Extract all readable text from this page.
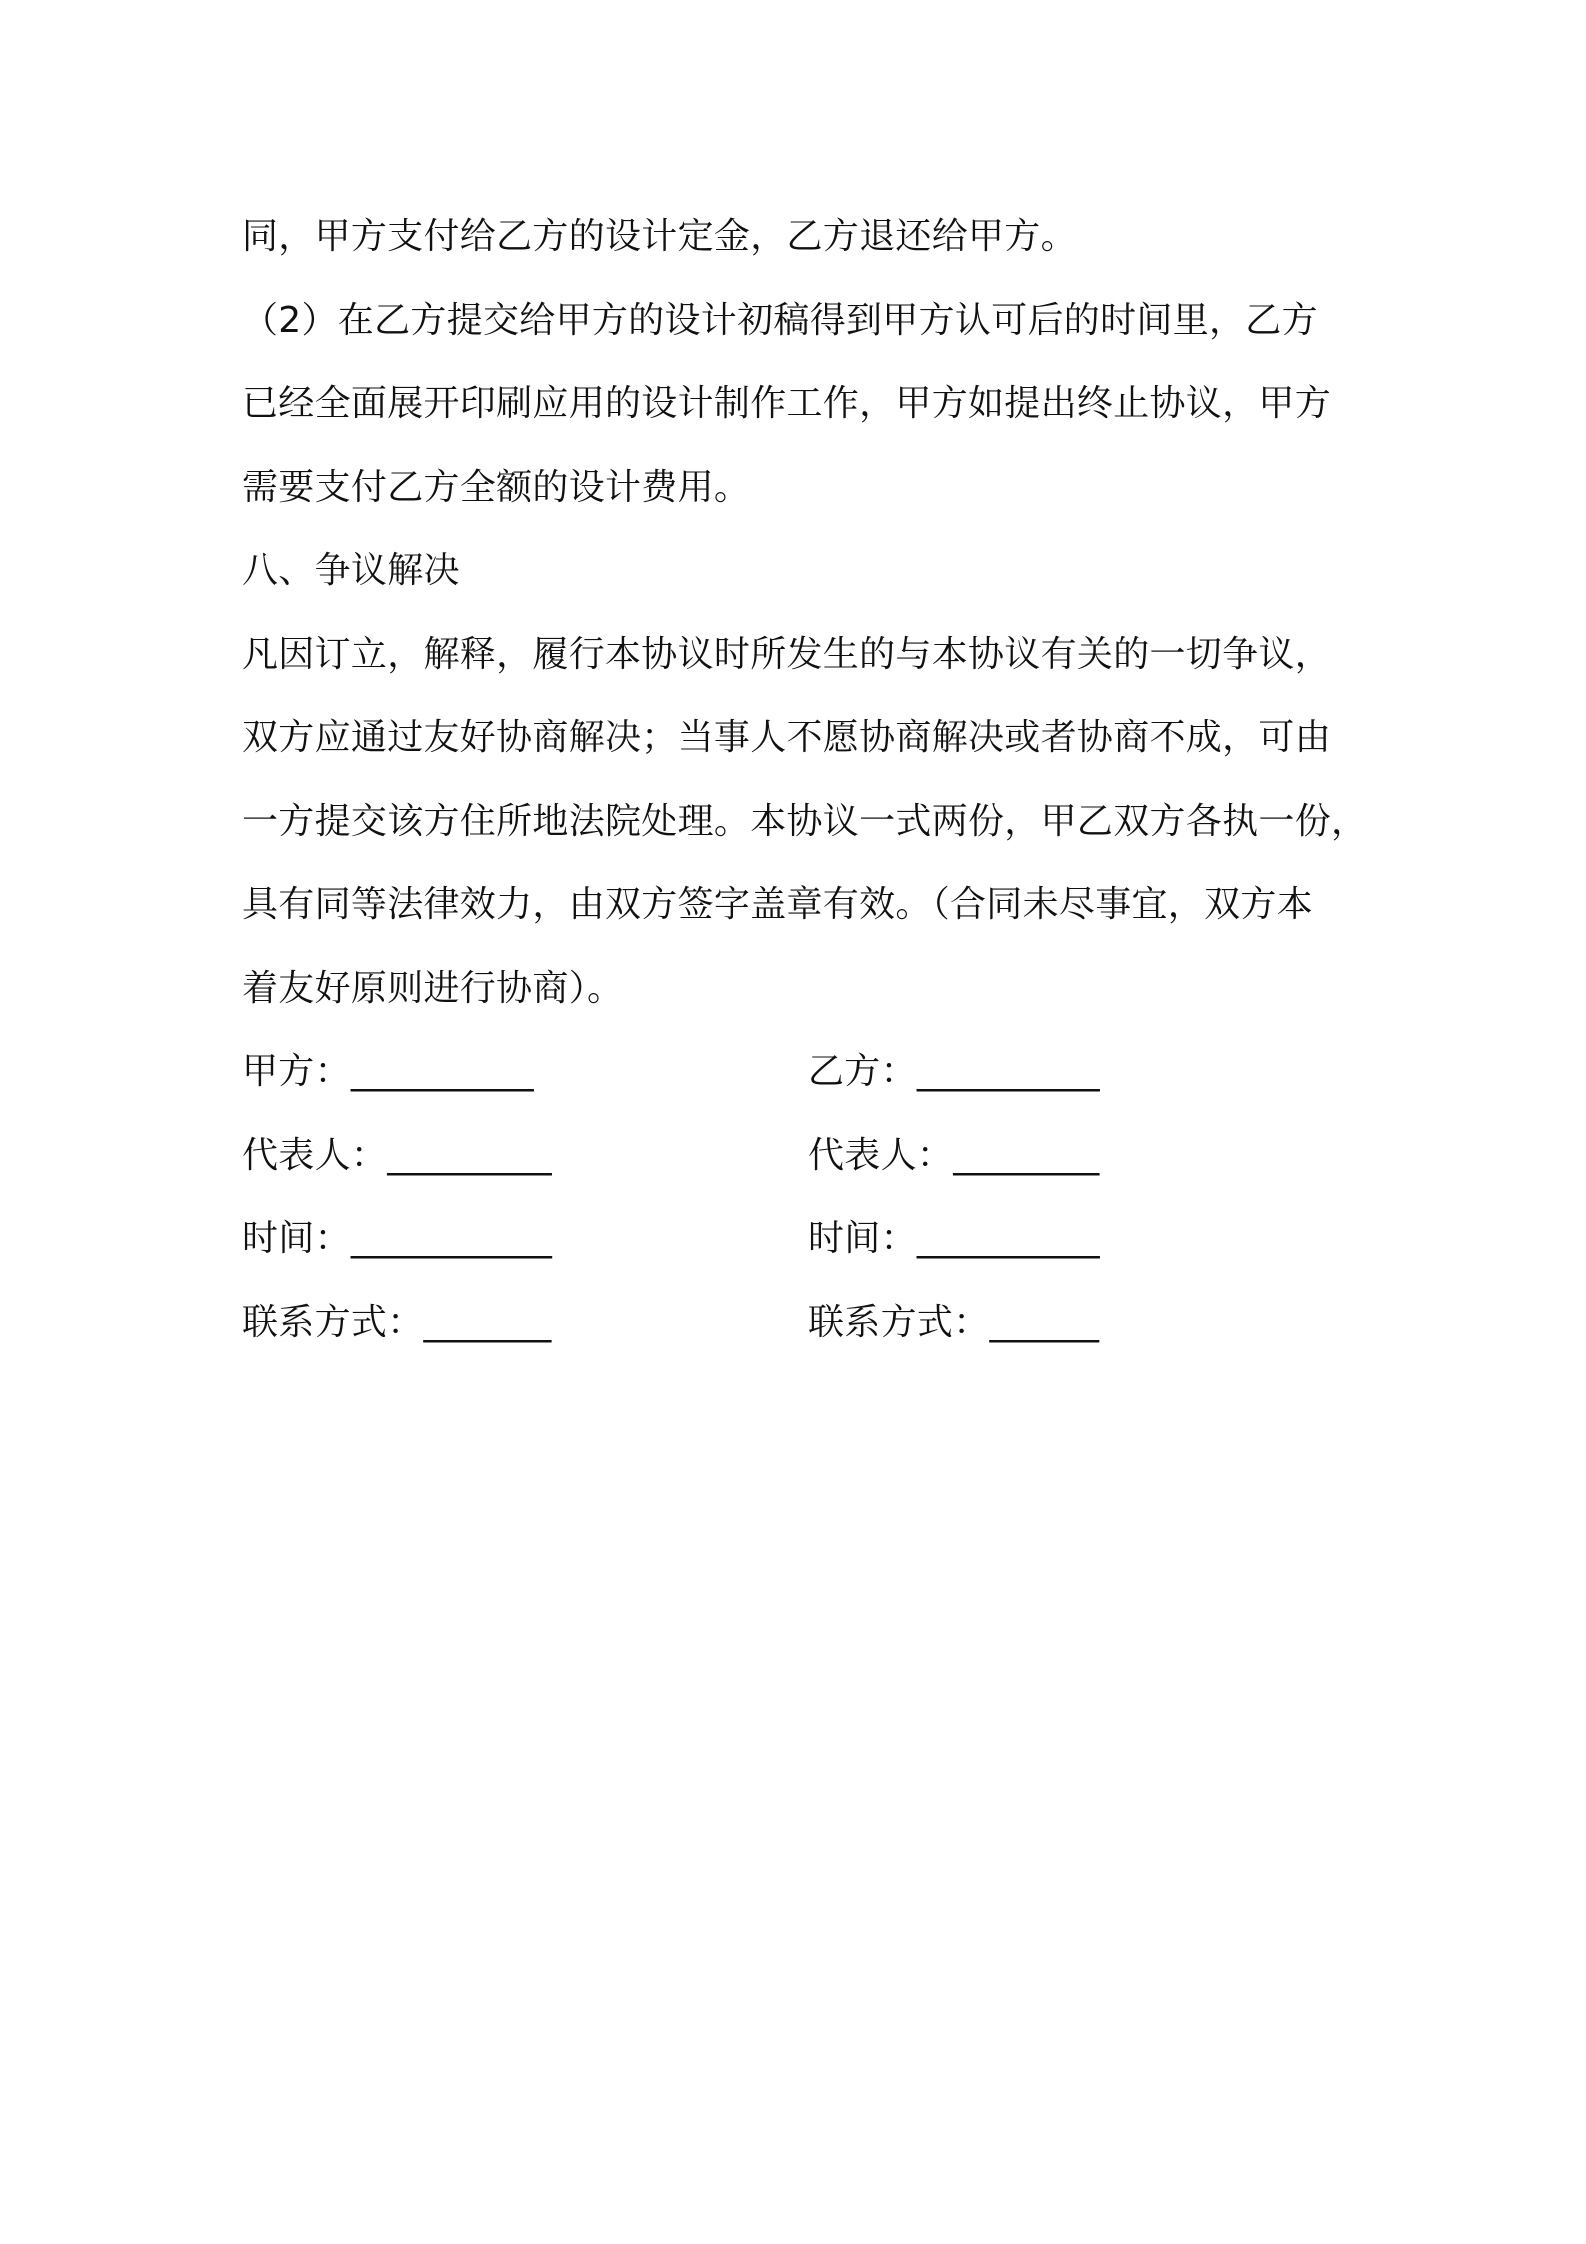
同，甲方支付给乙方的设计定金，乙方退还给甲方。
（2）在乙方提交给甲方的设计初稿得到甲方认可后的时间里，乙方
已经全面展开印刷应用的设计制作工作，甲方如提出终止协议，甲方
需要支付乙方全额的设计费用。
八、争议解决
凡因订立，解释，履行本协议时所发生的与本协议有关的一切争议，
双方应通过友好协商解决；当事人不愿协商解决或者协商不成，可由
一方提交该方住所地法院处理。本协议一式两份，甲乙双方各执一份，
具有同等法律效力，由双方签字盖章有效。（合同未尽事宜，双方本
着友好原则进行协商）。
甲方：__________	乙方：__________
代表人：_________	代表人：________
时间：___________	时间：__________
联系方式：_______	联系方式：______
